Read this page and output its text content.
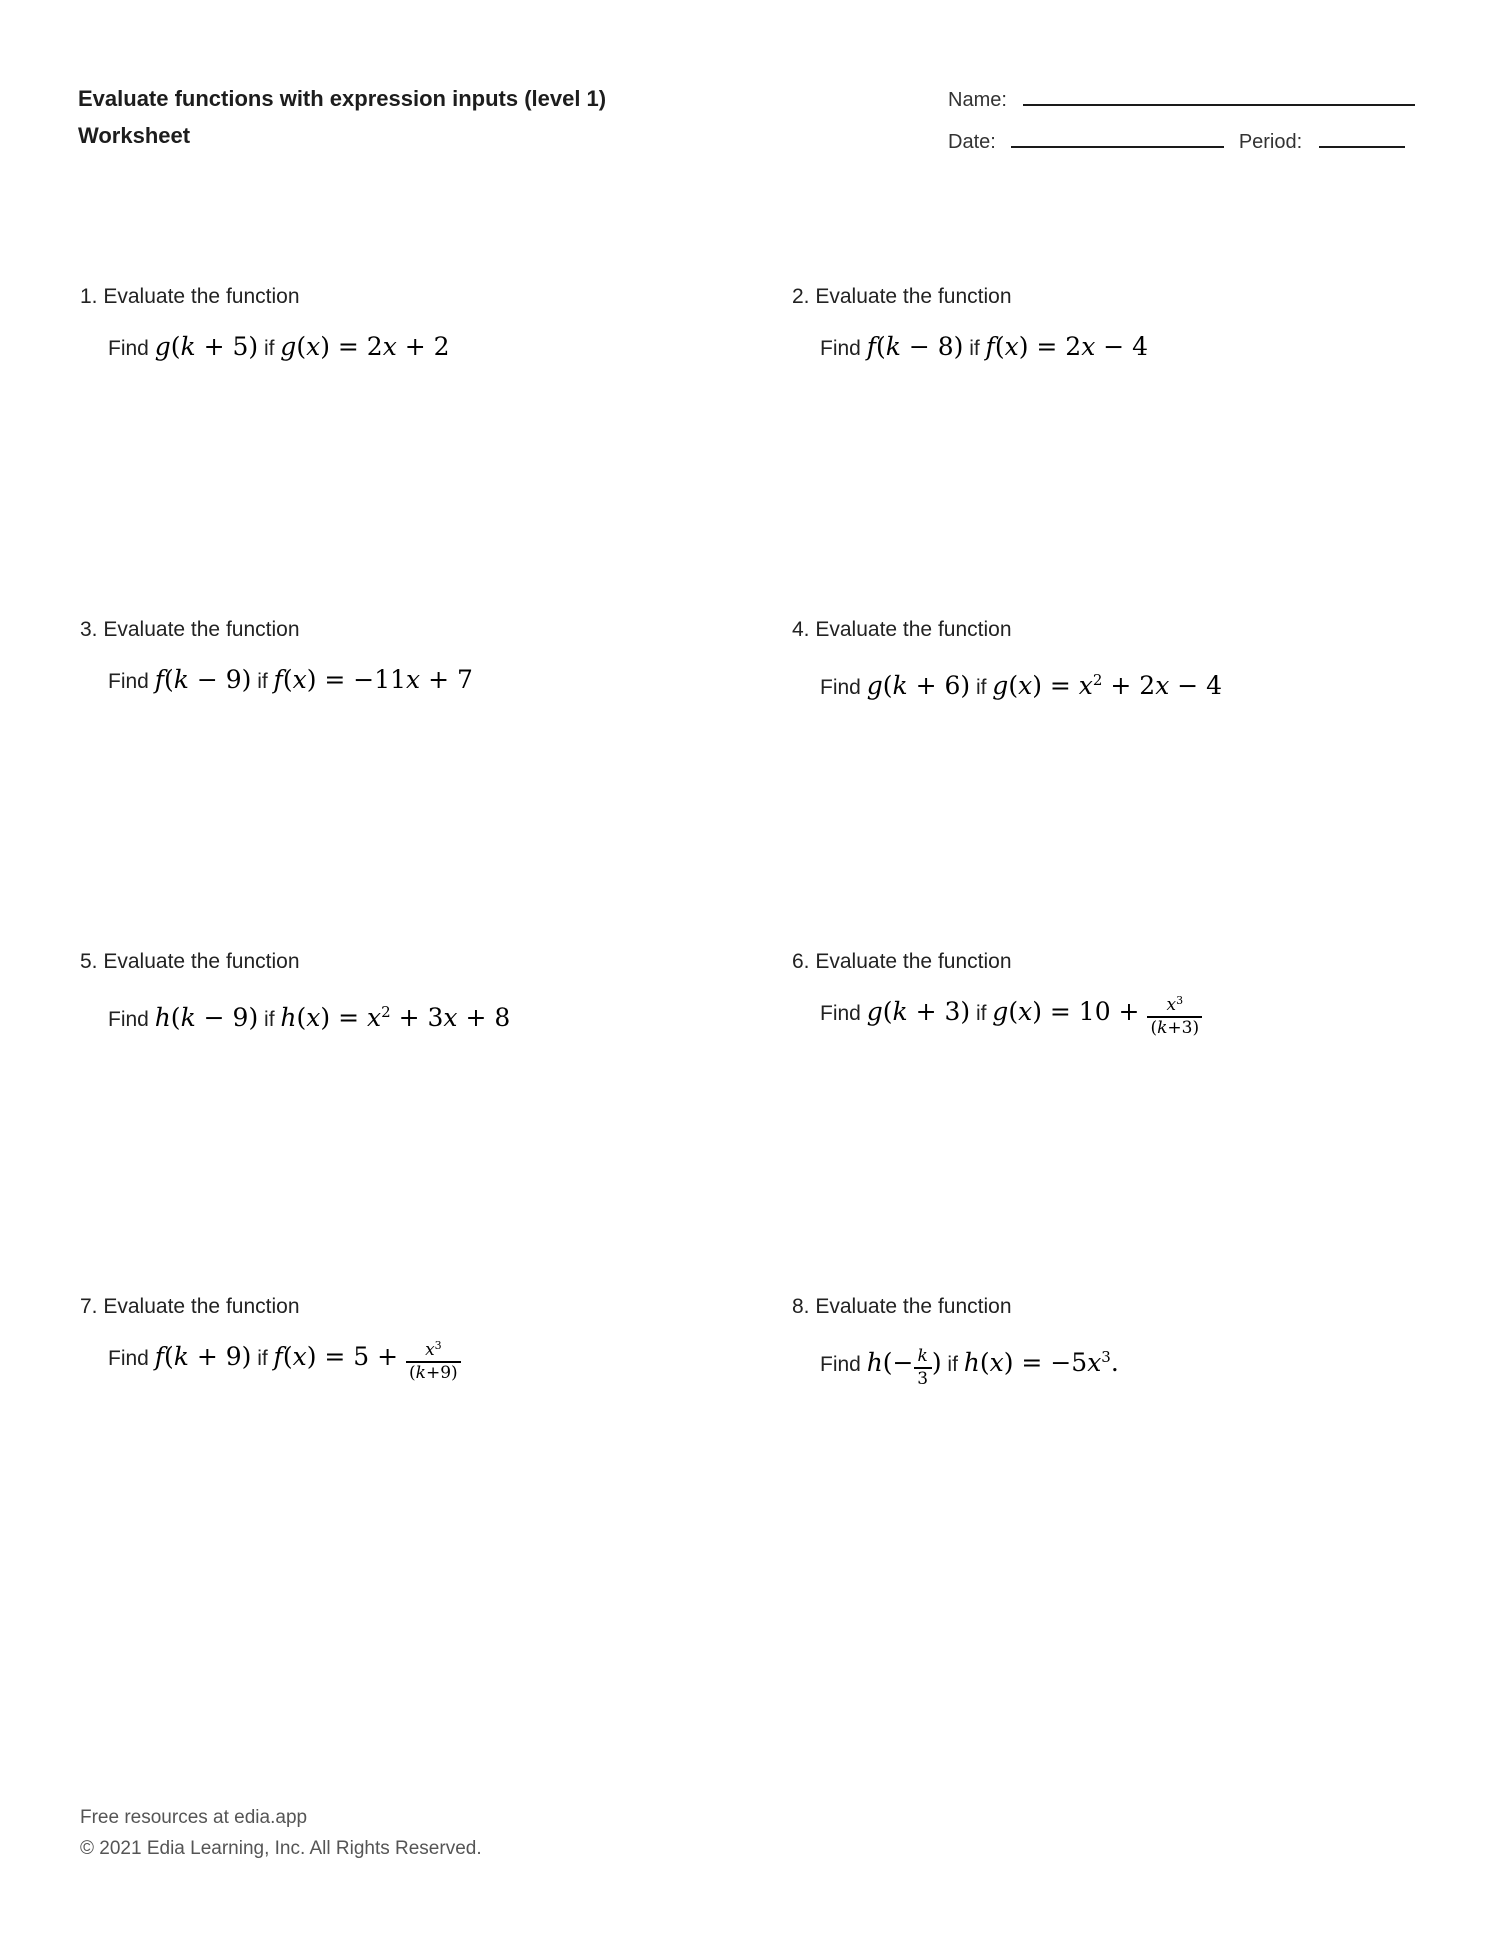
Evaluate functions with expression inputs (level 1)
Worksheet
Name:
Date:	Period:
1. Evaluate the function
Find g(k + 5) if g(x) = 2x + 2
2. Evaluate the function
Find f(k − 8) if f(x) = 2x − 4
3. Evaluate the function
Find f(k − 9) if f(x) = −11x + 7
4. Evaluate the function
Find g(k + 6) if $g(x) = x^2 + 2x - 4$
5. Evaluate the function
Find h(k − 9) if $h(x) = x^2 + 3x + 8$
6. Evaluate the function
Find g(k + 3) if $g(x) = 10 + \frac{x^3}{(k+3)}$
7. Evaluate the function
Find f(k + 9) if $f(x) = 5 + \frac{x^3}{(k+9)}$
8. Evaluate the function
Find $h(- \frac{k}{3}$ ) if $h(x) = -5x^3$.
Free resources at edia.app
© 2021 Edia Learning, Inc. All Rights Reserved.
